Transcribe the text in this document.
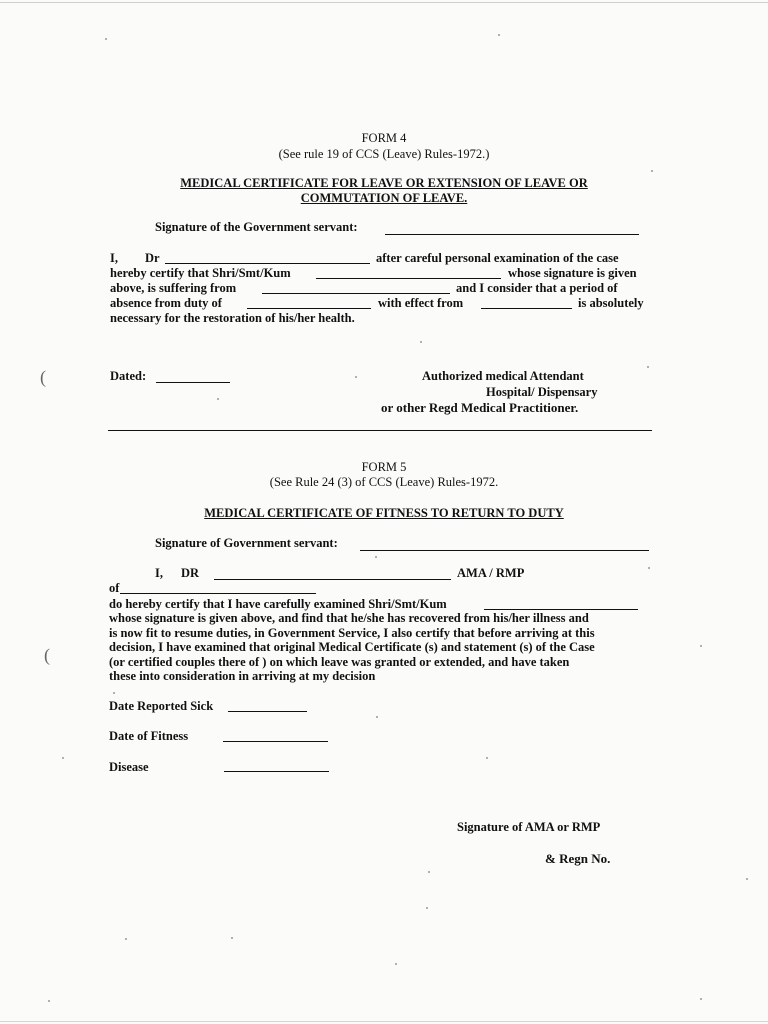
FORM 4
(See rule 19 of CCS (Leave) Rules-1972.)
MEDICAL CERTIFICATE FOR LEAVE OR EXTENSION OF LEAVE OR
COMMUTATION OF LEAVE.
Signature of the Government servant:
I, Dr	after careful personal examination of the case
hereby certify that Shri/Smt/Kum	whose signature is given
above, is suffering from	and I consider that a period of
absence from duty of	with effect from	is absolutely
necessary for the restoration of his/her health.
Dated:	Authorized medical Attendant
Hospital/ Dispensary
or other Regd Medical Practitioner.
FORM 5
(See Rule 24 (3) of CCS (Leave) Rules-1972.
MEDICAL CERTIFICATE OF FITNESS TO RETURN TO DUTY
Signature of Government servant:
I, DR	AMA / RMP
of
do hereby certify that I have carefully examined Shri/Smt/Kum
whose signature is given above, and find that he/she has recovered from his/her illness and
is now fit to resume duties, in Government Service, I also certify that before arriving at this
decision, I have examined that original Medical Certificate (s) and statement (s) of the Case
(or certified couples there of ) on which leave was granted or extended, and have taken
these into consideration in arriving at my decision
Date Reported Sick
Date of Fitness
Disease
Signature of AMA or RMP
& Regn No.
(
(
